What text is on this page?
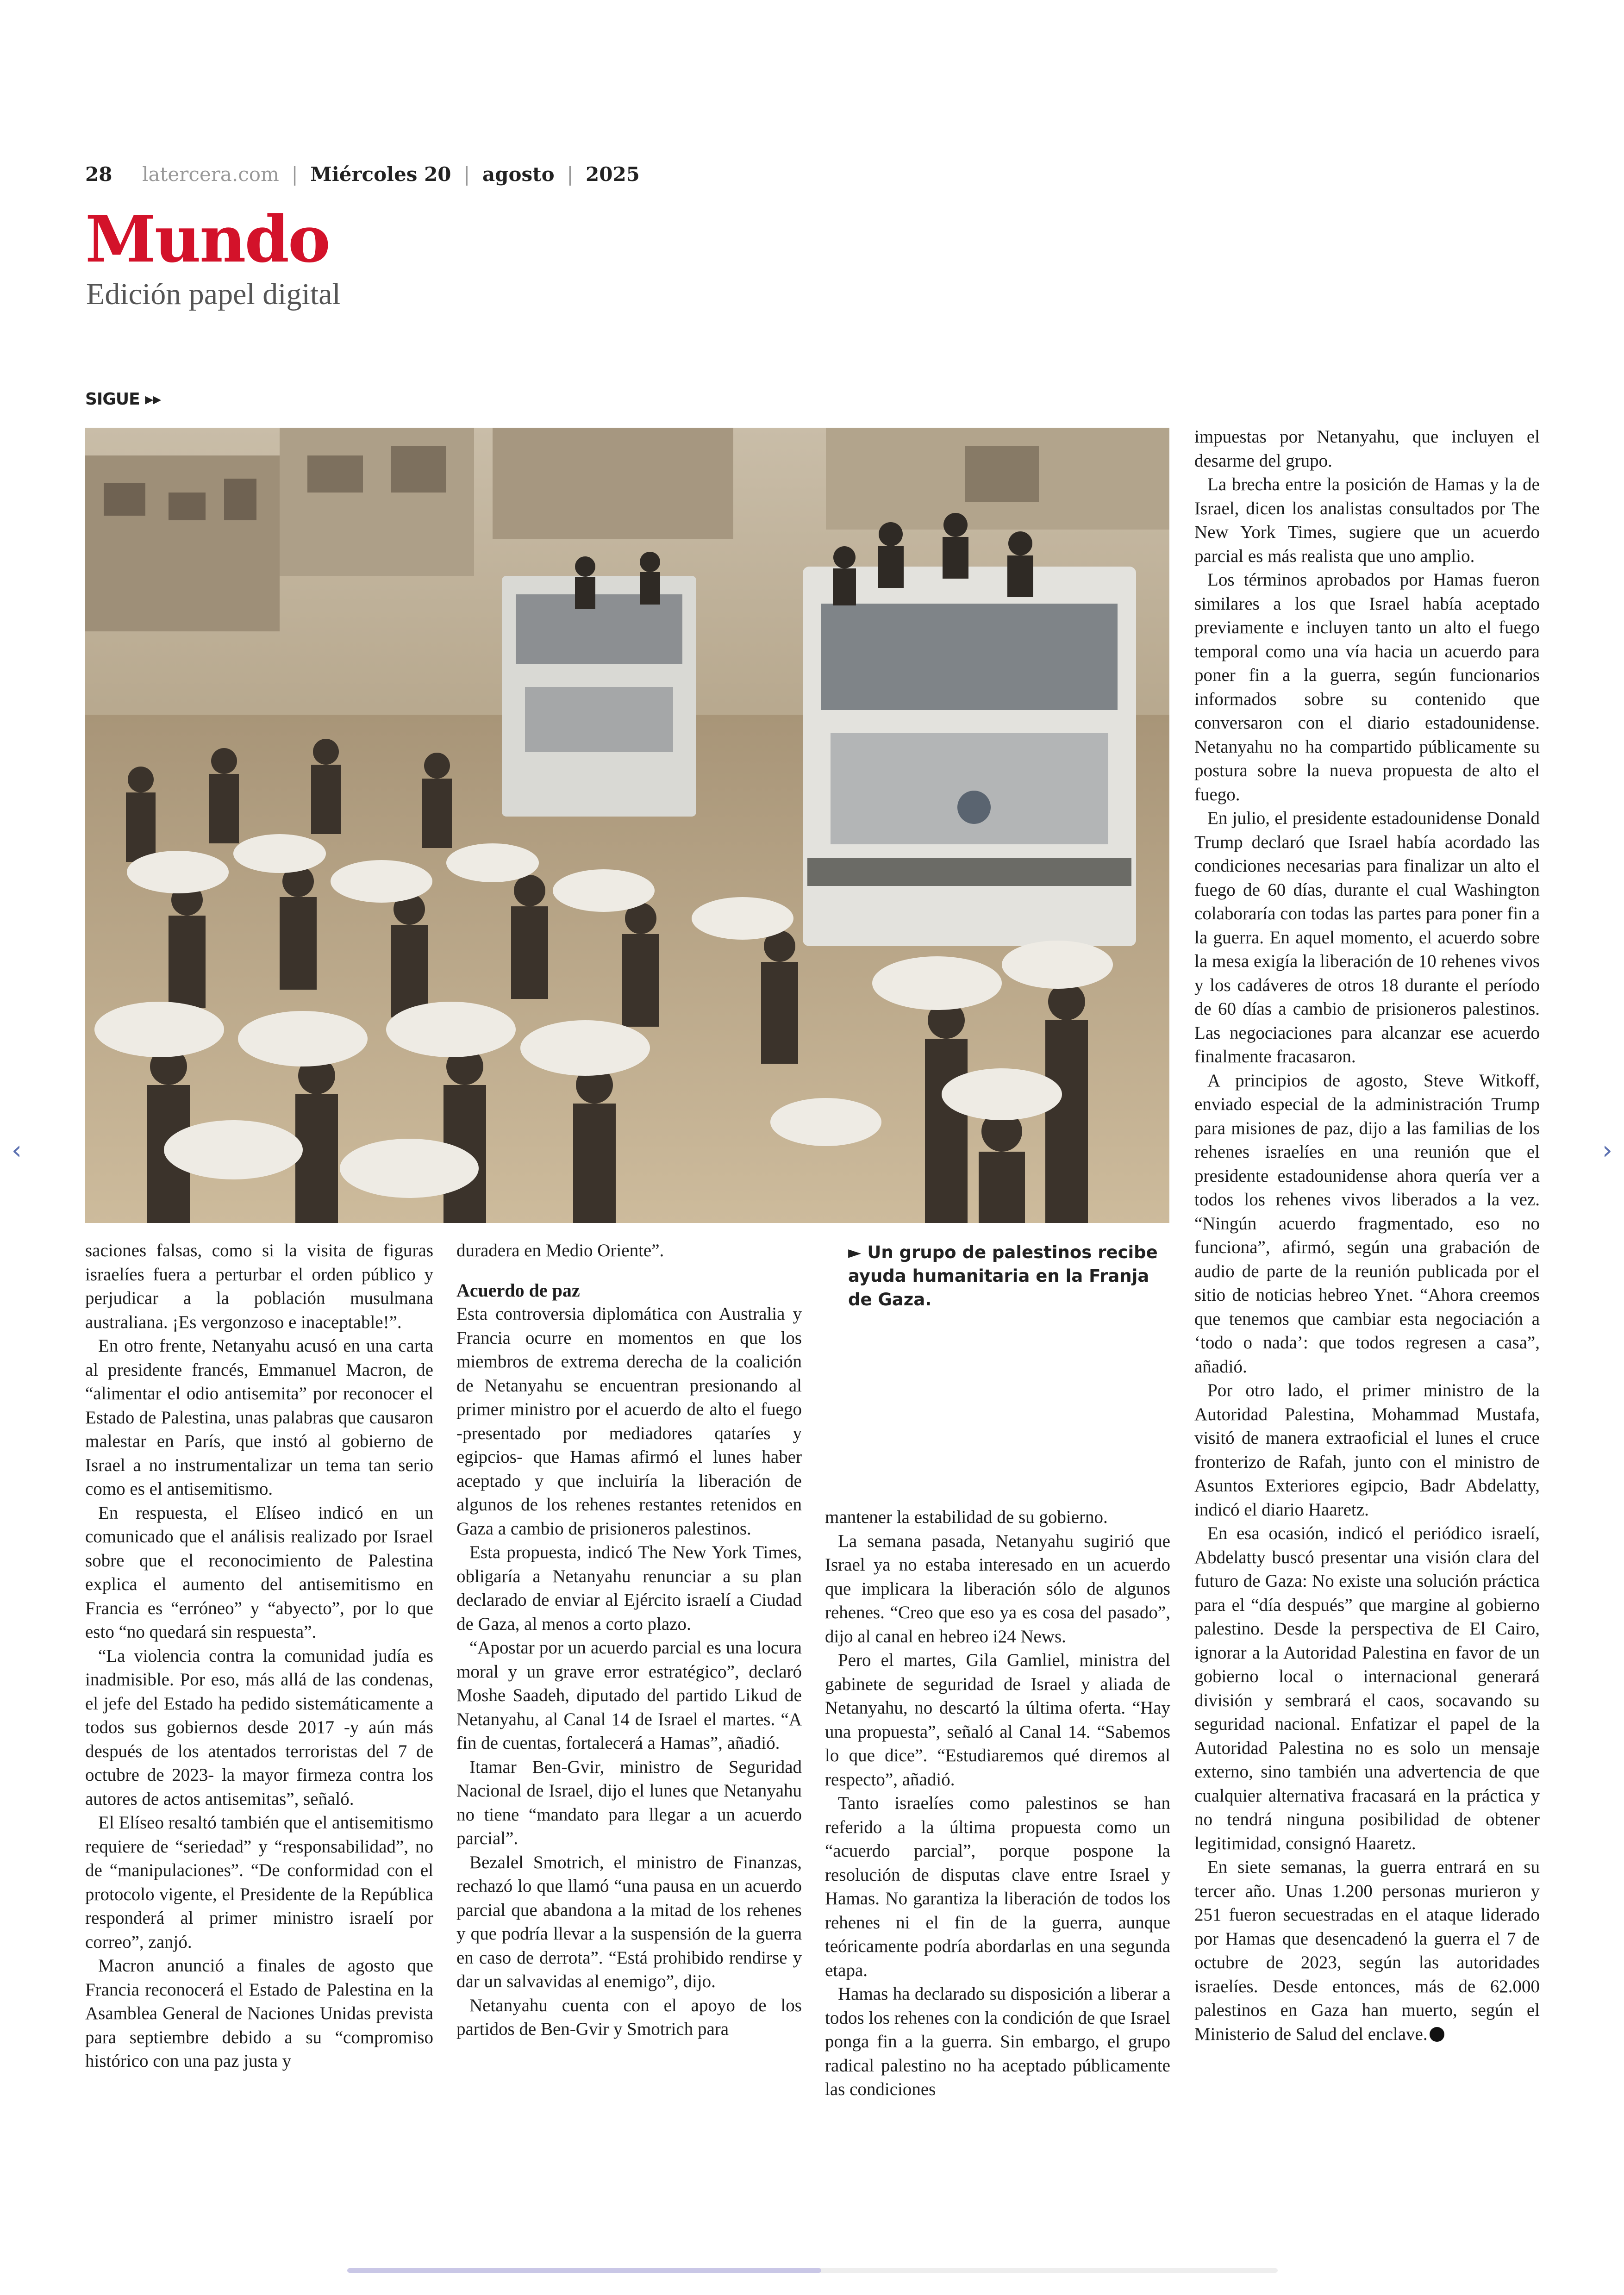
28 latercera.com | Miércoles 20 | agosto | 2025
Mundo
Edición papel digital
SIGUE ▸▸

saciones falsas, como si la visita de figuras israelíes fuera a perturbar el orden público y perjudicar a la población musulmana australiana. ¡Es vergonzoso e inaceptable!”.

En otro frente, Netanyahu acusó en una carta al presidente francés, Emmanuel Macron, de “alimentar el odio antisemita” por reconocer el Estado de Palestina, unas palabras que causaron malestar en París, que instó al gobierno de Israel a no instrumentalizar un tema tan serio como es el antisemitismo.

En respuesta, el Elíseo indicó en un comunicado que el análisis realizado por Israel sobre que el reconocimiento de Palestina explica el aumento del antisemitismo en Francia es “erróneo” y “abyecto”, por lo que esto “no quedará sin respuesta”.

“La violencia contra la comunidad judía es inadmisible. Por eso, más allá de las condenas, el jefe del Estado ha pedido sistemáticamente a todos sus gobiernos desde 2017 -y aún más después de los atentados terroristas del 7 de octubre de 2023- la mayor firmeza contra los autores de actos antisemitas”, señaló.

El Elíseo resaltó también que el antisemitismo requiere de “seriedad” y “responsabilidad”, no de “manipulaciones”. “De conformidad con el protocolo vigente, el Presidente de la República responderá al primer ministro israelí por correo”, zanjó.

Macron anunció a finales de agosto que Francia reconocerá el Estado de Palestina en la Asamblea General de Naciones Unidas prevista para septiembre debido a su “compromiso histórico con una paz justa y

duradera en Medio Oriente”.

Acuerdo de paz

Esta controversia diplomática con Australia y Francia ocurre en momentos en que los miembros de extrema derecha de la coalición de Netanyahu se encuentran presionando al primer ministro por el acuerdo de alto el fuego -presentado por mediadores qataríes y egipcios- que Hamas afirmó el lunes haber aceptado y que incluiría la liberación de algunos de los rehenes restantes retenidos en Gaza a cambio de prisioneros palestinos.

Esta propuesta, indicó The New York Times, obligaría a Netanyahu renunciar a su plan declarado de enviar al Ejército israelí a Ciudad de Gaza, al menos a corto plazo.

“Apostar por un acuerdo parcial es una locura moral y un grave error estratégico”, declaró Moshe Saadeh, diputado del partido Likud de Netanyahu, al Canal 14 de Israel el martes. “A fin de cuentas, fortalecerá a Hamas”, añadió.

Itamar Ben-Gvir, ministro de Seguridad Nacional de Israel, dijo el lunes que Netanyahu no tiene “mandato para llegar a un acuerdo parcial”.

Bezalel Smotrich, el ministro de Finanzas, rechazó lo que llamó “una pausa en un acuerdo parcial que abandona a la mitad de los rehenes y que podría llevar a la suspensión de la guerra en caso de derrota”. “Está prohibido rendirse y dar un salvavidas al enemigo”, dijo.

Netanyahu cuenta con el apoyo de los partidos de Ben-Gvir y Smotrich para

► Un grupo de palestinos recibe ayuda humanitaria en la Franja de Gaza.

mantener la estabilidad de su gobierno.

La semana pasada, Netanyahu sugirió que Israel ya no estaba interesado en un acuerdo que implicara la liberación sólo de algunos rehenes. “Creo que eso ya es cosa del pasado”, dijo al canal en hebreo i24 News.

Pero el martes, Gila Gamliel, ministra del gabinete de seguridad de Israel y aliada de Netanyahu, no descartó la última oferta. “Hay una propuesta”, señaló al Canal 14. “Sabemos lo que dice”. “Estudiaremos qué diremos al respecto”, añadió.

Tanto israelíes como palestinos se han referido a la última propuesta como un “acuerdo parcial”, porque pospone la resolución de disputas clave entre Israel y Hamas. No garantiza la liberación de todos los rehenes ni el fin de la guerra, aunque teóricamente podría abordarlas en una segunda etapa.

Hamas ha declarado su disposición a liberar a todos los rehenes con la condición de que Israel ponga fin a la guerra. Sin embargo, el grupo radical palestino no ha aceptado públicamente las condiciones

impuestas por Netanyahu, que incluyen el desarme del grupo.

La brecha entre la posición de Hamas y la de Israel, dicen los analistas consultados por The New York Times, sugiere que un acuerdo parcial es más realista que uno amplio.

Los términos aprobados por Hamas fueron similares a los que Israel había aceptado previamente e incluyen tanto un alto el fuego temporal como una vía hacia un acuerdo para poner fin a la guerra, según funcionarios informados sobre su contenido que conversaron con el diario estadounidense. Netanyahu no ha compartido públicamente su postura sobre la nueva propuesta de alto el fuego.

En julio, el presidente estadounidense Donald Trump declaró que Israel había acordado las condiciones necesarias para finalizar un alto el fuego de 60 días, durante el cual Washington colaboraría con todas las partes para poner fin a la guerra. En aquel momento, el acuerdo sobre la mesa exigía la liberación de 10 rehenes vivos y los cadáveres de otros 18 durante el período de 60 días a cambio de prisioneros palestinos. Las negociaciones para alcanzar ese acuerdo finalmente fracasaron.

A principios de agosto, Steve Witkoff, enviado especial de la administración Trump para misiones de paz, dijo a las familias de los rehenes israelíes en una reunión que el presidente estadounidense ahora quería ver a todos los rehenes vivos liberados a la vez. “Ningún acuerdo fragmentado, eso no funciona”, afirmó, según una grabación de audio de parte de la reunión publicada por el sitio de noticias hebreo Ynet. “Ahora creemos que tenemos que cambiar esta negociación a ‘todo o nada’: que todos regresen a casa”, añadió.

Por otro lado, el primer ministro de la Autoridad Palestina, Mohammad Mustafa, visitó de manera extraoficial el lunes el cruce fronterizo de Rafah, junto con el ministro de Asuntos Exteriores egipcio, Badr Abdelatty, indicó el diario Haaretz.

En esa ocasión, indicó el periódico israelí, Abdelatty buscó presentar una visión clara del futuro de Gaza: No existe una solución práctica para el “día después” que margine al gobierno palestino. Desde la perspectiva de El Cairo, ignorar a la Autoridad Palestina en favor de un gobierno local o internacional generará división y sembrará el caos, socavando su seguridad nacional. Enfatizar el papel de la Autoridad Palestina no es solo un mensaje externo, sino también una advertencia de que cualquier alternativa fracasará en la práctica y no tendrá ninguna posibilidad de obtener legitimidad, consignó Haaretz.

En siete semanas, la guerra entrará en su tercer año. Unas 1.200 personas murieron y 251 fueron secuestradas en el ataque liderado por Hamas que desencadenó la guerra el 7 de octubre de 2023, según las autoridades israelíes. Desde entonces, más de 62.000 palestinos en Gaza han muerto, según el Ministerio de Salud del enclave.

‹	›
